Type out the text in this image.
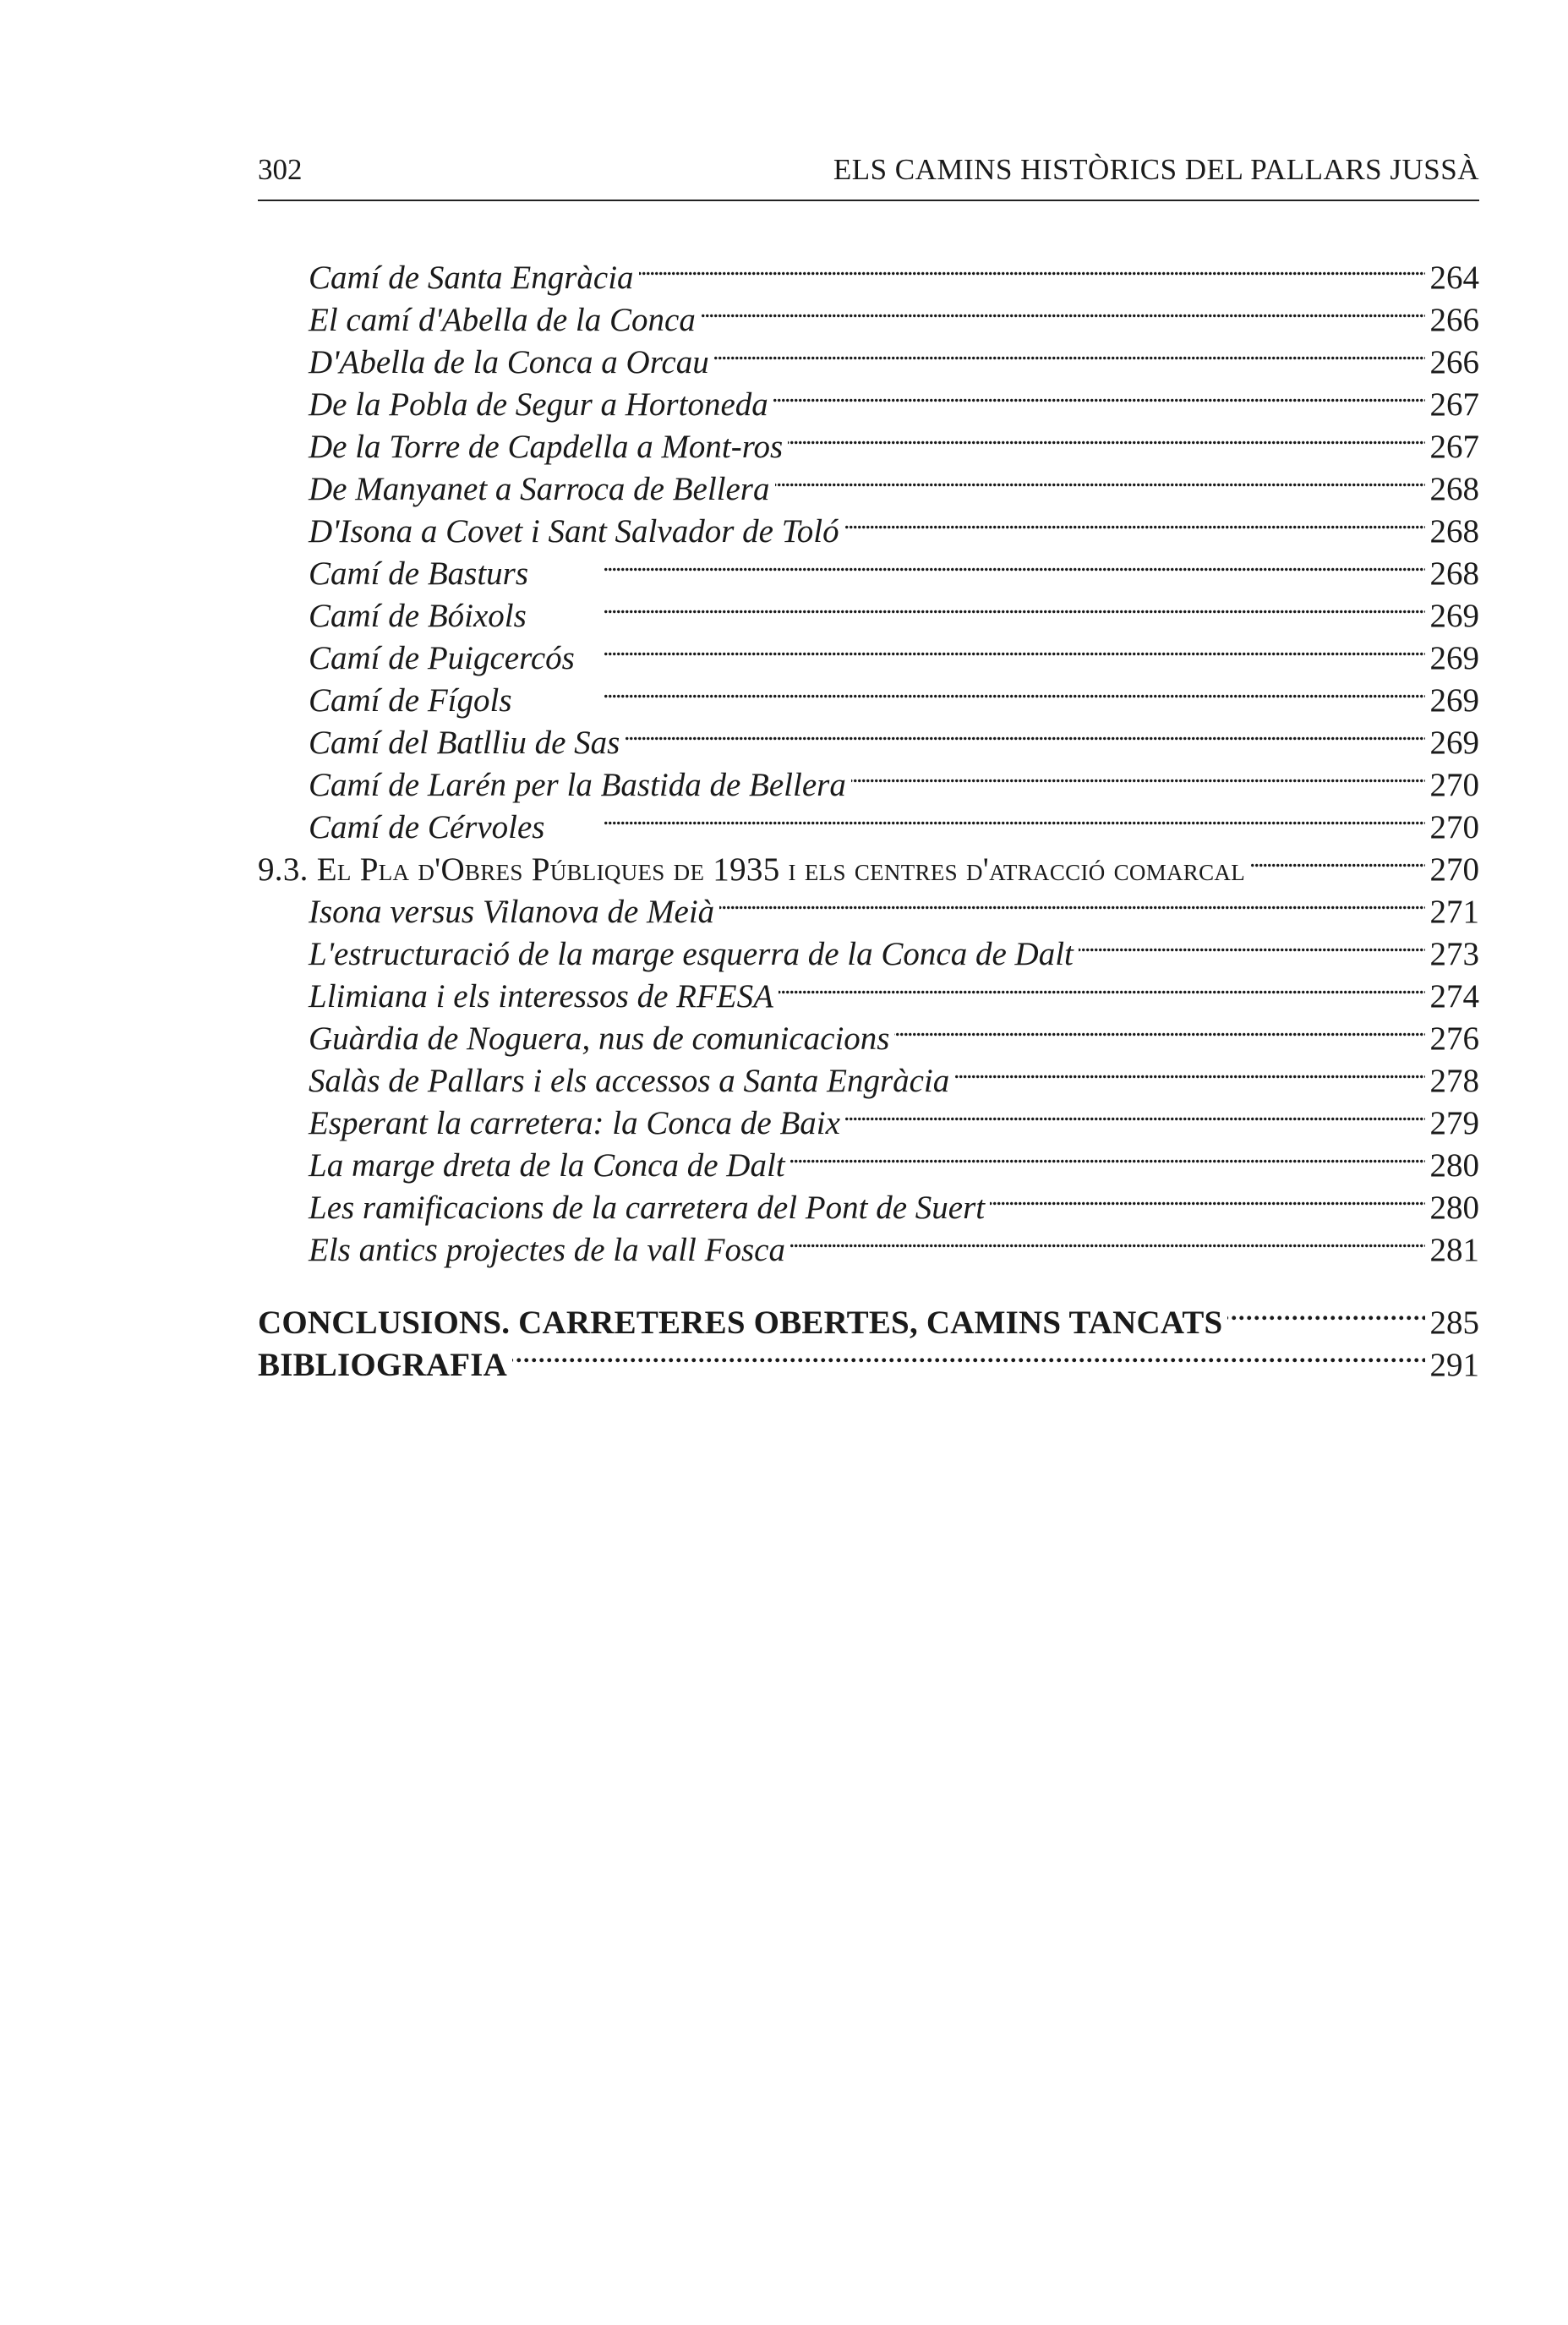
302	ELS CAMINS HISTÒRICS DEL PALLARS JUSSÀ
Camí de Santa Engràcia . . .	264
El camí d'Abella de la Conca . . .	266
D'Abella de la Conca a Orcau . . .	266
De la Pobla de Segur a Hortoneda . . .	267
De la Torre de Capdella a Mont-ros . . .	267
De Manyanet a Sarroca de Bellera . . .	268
D'Isona a Covet i Sant Salvador de Toló . . .	268
Camí de Basturs . . .	268
Camí de Bóixols . . .	269
Camí de Puigcercós . . .	269
Camí de Fígols . . .	269
Camí del Batlliu de Sas . . .	269
Camí de Larén per la Bastida de Bellera . . .	270
Camí de Cérvoles . . .	270
9.3. El Pla d'Obres Públiques de 1935 i els centres d'atracció comarcal . . .	270
Isona versus Vilanova de Meià . . .	271
L'estructuració de la marge esquerra de la Conca de Dalt . . .	273
Llimiana i els interessos de RFESA . . .	274
Guàrdia de Noguera, nus de comunicacions . . .	276
Salàs de Pallars i els accessos a Santa Engràcia . . .	278
Esperant la carretera: la Conca de Baix . . .	279
La marge dreta de la Conca de Dalt . . .	280
Les ramificacions de la carretera del Pont de Suert . . .	280
Els antics projectes de la vall Fosca . . .	281
CONCLUSIONS. CARRETERES OBERTES, CAMINS TANCATS . . .	285
BIBLIOGRAFIA . . .	291
